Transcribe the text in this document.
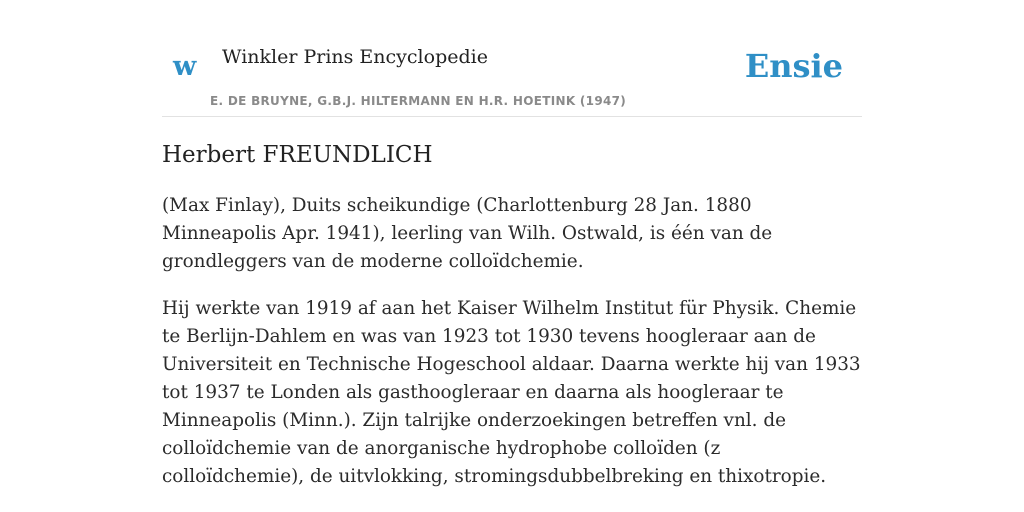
w Winkler Prins Encyclopedie
E. DE BRUYNE, G.B.J. HILTERMANN EN H.R. HOETINK (1947)
Ensie
Herbert FREUNDLICH

(Max Finlay), Duits scheikundige (Charlottenburg 28 Jan. 1880 Minneapolis Apr. 1941), leerling van Wilh. Ostwald, is één van de grondleggers van de moderne colloïdchemie.

Hij werkte van 1919 af aan het Kaiser Wilhelm Institut für Physik. Chemie te Berlijn-Dahlem en was van 1923 tot 1930 tevens hoogleraar aan de Universiteit en Technische Hogeschool aldaar. Daarna werkte hij van 1933 tot 1937 te Londen als gasthoogleraar en daarna als hoogleraar te Minneapolis (Minn.). Zijn talrijke onderzoekingen betreffen vnl. de colloïdchemie van de anorganische hydrophobe colloïden (z colloïdchemie), de uitvlokking, stromingsdubbelbreking en thixotropie.
